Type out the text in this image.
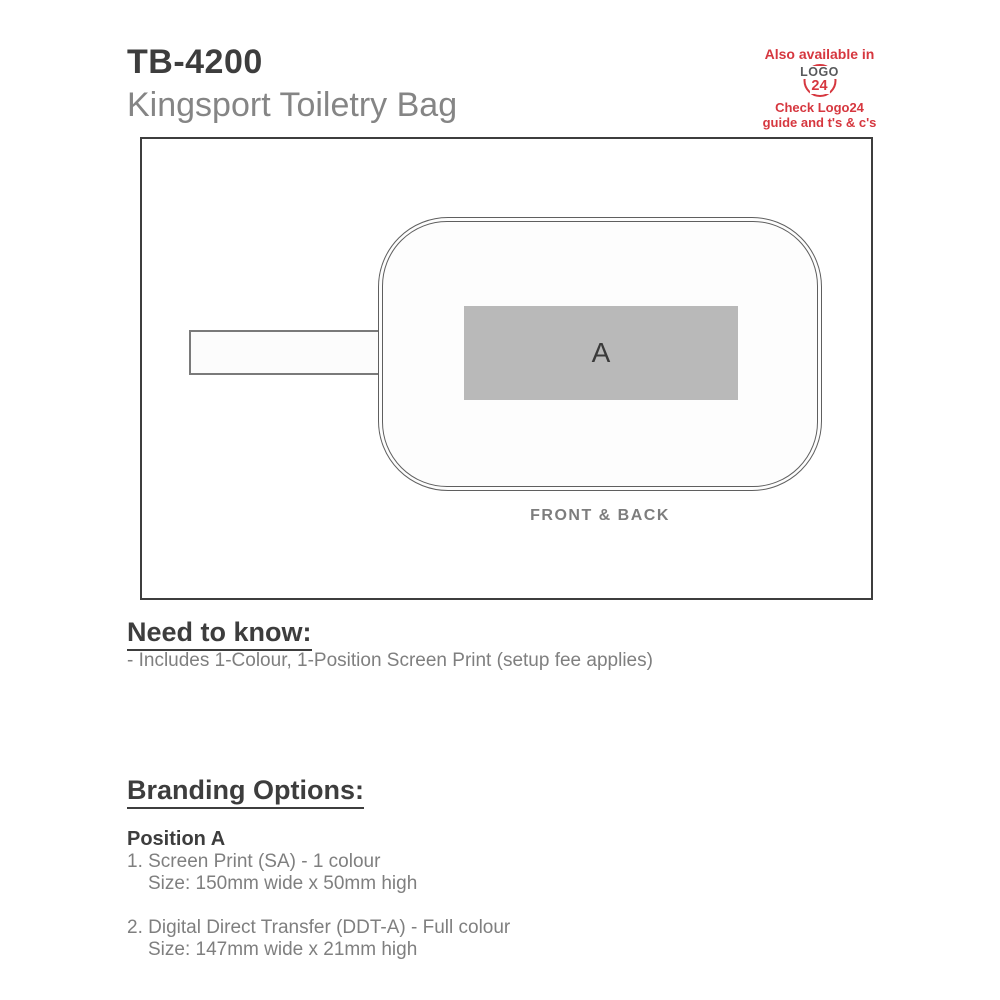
TB-4200
Kingsport Toiletry Bag
Also available in
LOGO
24
Check Logo24
guide and t's & c's
A
FRONT & BACK
Need to know:
- Includes 1-Colour, 1-Position Screen Print (setup fee applies)
Branding Options:
Position A
1. Screen Print (SA) - 1 colour
Size: 150mm wide x 50mm high
2. Digital Direct Transfer (DDT-A) - Full colour
Size: 147mm wide x 21mm high
